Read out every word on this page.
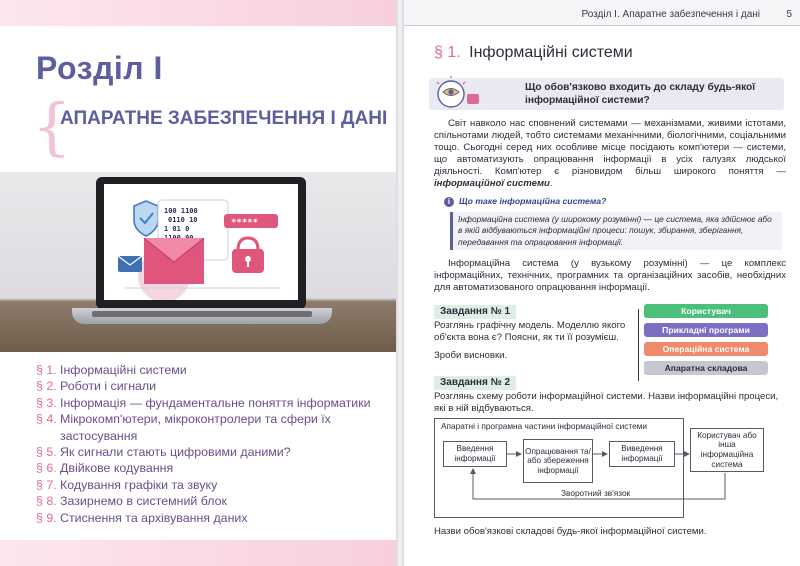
Розділ І
{
АПАРАТНЕ ЗАБЕЗПЕЧЕННЯ І ДАНІ
100 1100
0110 10
1 01 0
*****
§ 1. Інформаційні системи
§ 2. Роботи і сигнали
§ 3. Інформація — фундаментальне поняття інформатики
§ 4. Мікрокомп'ютери, мікроконтролери та сфери їх застосування
§ 5. Як сигнали стають цифровими даними?
§ 6. Двійкове кодування
§ 7. Кодування графіки та звуку
§ 8. Зазирнемо в системний блок
§ 9. Стиснення та архівування даних
Розділ І. Апаратне забезпечення і дані	5
§ 1. Інформаційні системи
Що обов'язково входить до складу будь-якої інформаційної системи?
Світ навколо нас сповнений системами — механізмами, живими істотами, спільнотами людей, тобто системами механічними, біологічними, соціальними тощо. Сьогодні серед них особливе місце посідають комп'ютери — системи, що автоматизують опрацювання інформації в усіх галузях людської діяльності. Комп'ютер є різновидом більш широкого поняття — інформаційної системи.
i Що таке інформаційна система?
Інформаційна система (у широкому розумінні) — це система, яка здійснює або в якій відбуваються інформаційні процеси: пошук, збирання, зберігання, передавання та опрацювання інформації.
Інформаційна система (у вузькому розумінні) — це комплекс інформаційних, технічних, програмних та організаційних засобів, необхідних для автоматизованого опрацювання інформації.
Завдання № 1
Розглянь графічну модель. Моделлю якого об'єкта вона є? Поясни, як ти її розумієш.
Зроби висновки.
Користувач
Прикладні програми
Операційна система
Апаратна складова
Завдання № 2
Розглянь схему роботи інформаційної системи. Назви інформаційні процеси, які в ній відбуваються.
Апаратні і програмна частини інформаційної системи
Введення інформації
Опрацювання та/або збереження інформації
Виведення інформації
Зворотний зв'язок
Користувач або інша інформаційна система
Назви обов'язкові складові будь-якої інформаційної системи.
